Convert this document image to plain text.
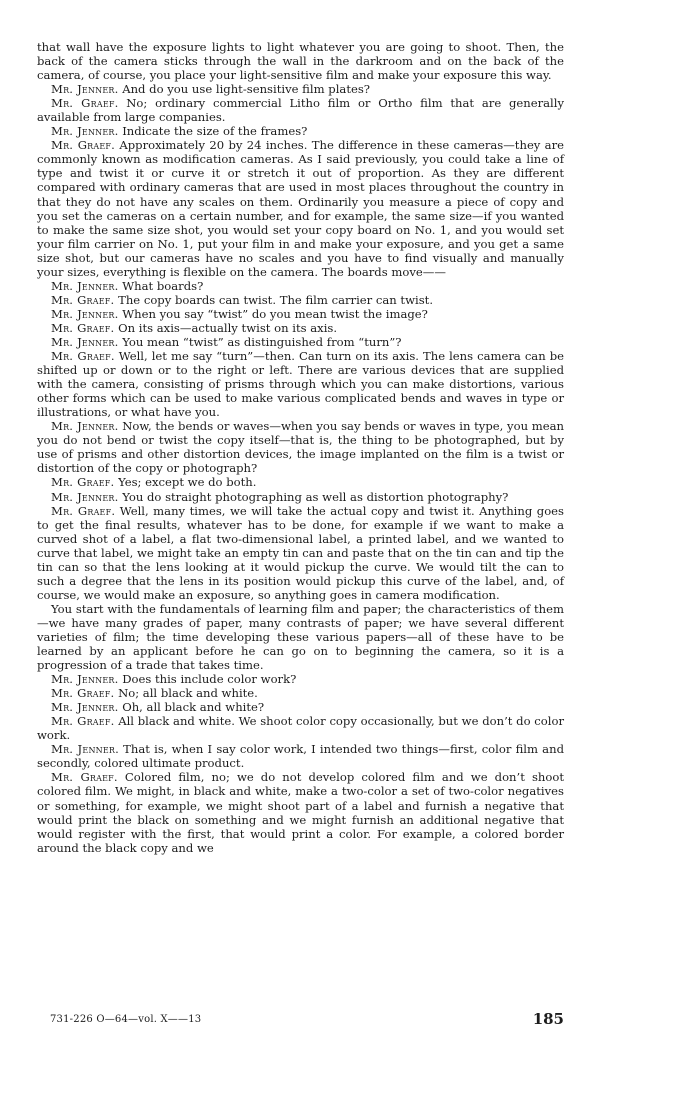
that wall have the exposure lights to light whatever you are going to shoot. Then, the back of the camera sticks through the wall in the darkroom and on the back of the camera, of course, you place your light-sensitive film and make your exposure this way.

Mr. Jenner. And do you use light-sensitive film plates?

Mr. Graef. No; ordinary commercial Litho film or Ortho film that are generally available from large companies.

Mr. Jenner. Indicate the size of the frames?

Mr. Graef. Approximately 20 by 24 inches. The difference in these cameras—they are commonly known as modification cameras. As I said previously, you could take a line of type and twist it or curve it or stretch it out of proportion. As they are different compared with ordinary cameras that are used in most places throughout the country in that they do not have any scales on them. Ordinarily you measure a piece of copy and you set the cameras on a certain number, and for example, the same size—if you wanted to make the same size shot, you would set your copy board on No. 1, and you would set your film carrier on No. 1, put your film in and make your exposure, and you get a same size shot, but our cameras have no scales and you have to find visually and manually your sizes, everything is flexible on the camera. The boards move——

Mr. Jenner. What boards?

Mr. Graef. The copy boards can twist. The film carrier can twist.

Mr. Jenner. When you say “twist” do you mean twist the image?

Mr. Graef. On its axis—actually twist on its axis.

Mr. Jenner. You mean “twist” as distinguished from “turn”?

Mr. Graef. Well, let me say “turn”—then. Can turn on its axis. The lens camera can be shifted up or down or to the right or left. There are various devices that are supplied with the camera, consisting of prisms through which you can make distortions, various other forms which can be used to make various complicated bends and waves in type or illustrations, or what have you.

Mr. Jenner. Now, the bends or waves—when you say bends or waves in type, you mean you do not bend or twist the copy itself—that is, the thing to be photographed, but by use of prisms and other distortion devices, the image implanted on the film is a twist or distortion of the copy or photograph?

Mr. Graef. Yes; except we do both.

Mr. Jenner. You do straight photographing as well as distortion photography?

Mr. Graef. Well, many times, we will take the actual copy and twist it. Anything goes to get the final results, whatever has to be done, for example if we want to make a curved shot of a label, a flat two-dimensional label, a printed label, and we wanted to curve that label, we might take an empty tin can and paste that on the tin can and tip the tin can so that the lens looking at it would pickup the curve. We would tilt the can to such a degree that the lens in its position would pickup this curve of the label, and, of course, we would make an exposure, so anything goes in camera modification.

You start with the fundamentals of learning film and paper; the characteristics of them—we have many grades of paper, many contrasts of paper; we have several different varieties of film; the time developing these various papers—all of these have to be learned by an applicant before he can go on to beginning the camera, so it is a progression of a trade that takes time.

Mr. Jenner. Does this include color work?

Mr. Graef. No; all black and white.

Mr. Jenner. Oh, all black and white?

Mr. Graef. All black and white. We shoot color copy occasionally, but we don’t do color work.

Mr. Jenner. That is, when I say color work, I intended two things—first, color film and secondly, colored ultimate product.

Mr. Graef. Colored film, no; we do not develop colored film and we don’t shoot colored film. We might, in black and white, make a two-color a set of two-color negatives or something, for example, we might shoot part of a label and furnish a negative that would print the black on something and we might furnish an additional negative that would register with the first, that would print a color. For example, a colored border around the black copy and we

731-226 O—64—vol. X——13	185
